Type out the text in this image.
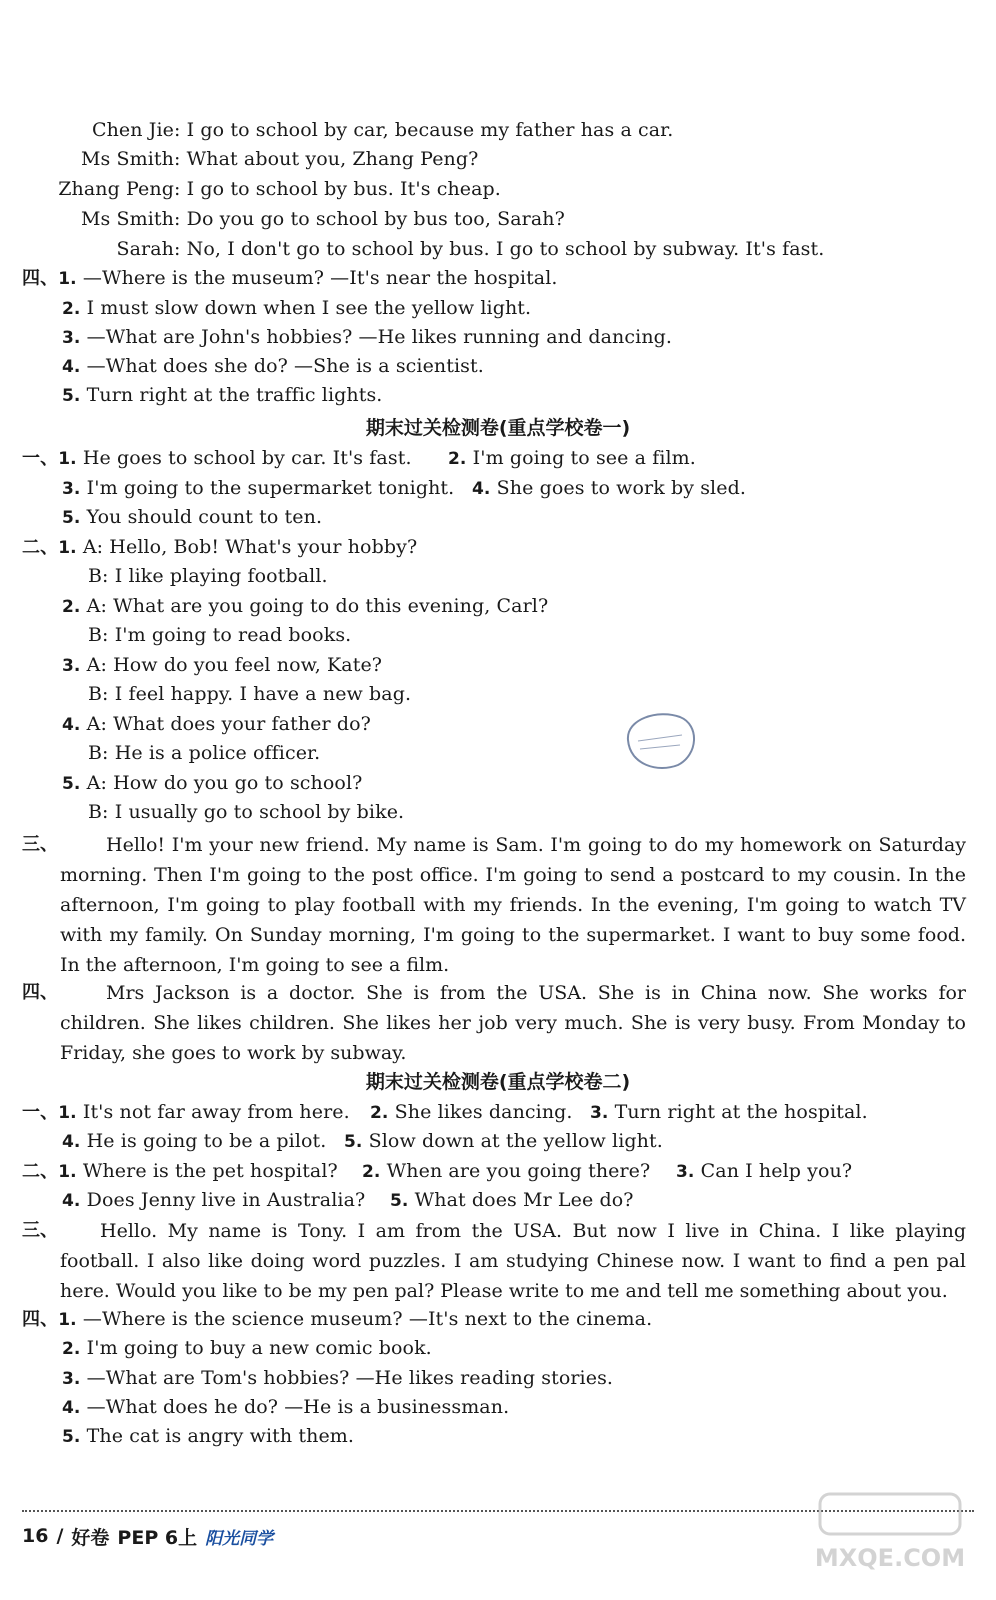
Chen Jie: I go to school by car, because my father has a car.
Ms Smith: What about you, Zhang Peng?
Zhang Peng: I go to school by bus. It's cheap.
Ms Smith: Do you go to school by bus too, Sarah?
Sarah: No, I don't go to school by bus. I go to school by subway. It's fast.
四、1. —Where is the museum? —It's near the hospital.
2. I must slow down when I see the yellow light.
3. —What are John's hobbies? —He likes running and dancing.
4. —What does she do? —She is a scientist.
5. Turn right at the traffic lights.
期末过关检测卷(重点学校卷一)
一、1. He goes to school by car. It's fast. 2. I'm going to see a film.
3. I'm going to the supermarket tonight. 4. She goes to work by sled.
5. You should count to ten.
二、1. A: Hello, Bob! What's your hobby?
B: I like playing football.
2. A: What are you going to do this evening, Carl?
B: I'm going to read books.
3. A: How do you feel now, Kate?
B: I feel happy. I have a new bag.
4. A: What does your father do?
B: He is a police officer.
5. A: How do you go to school?
B: I usually go to school by bike.
三、	Hello! I'm your new friend. My name is Sam. I'm going to do my homework on Saturday morning. Then I'm going to the post office. I'm going to send a postcard to my cousin. In the afternoon, I'm going to play football with my friends. In the evening, I'm going to watch TV with my family. On Sunday morning, I'm going to the supermarket. I want to buy some food. In the afternoon, I'm going to see a film.
四、	Mrs Jackson is a doctor. She is from the USA. She is in China now. She works for children. She likes children. She likes her job very much. She is very busy. From Monday to Friday, she goes to work by subway.
期末过关检测卷(重点学校卷二)
一、1. It's not far away from here. 2. She likes dancing. 3. Turn right at the hospital.
4. He is going to be a pilot. 5. Slow down at the yellow light.
二、1. Where is the pet hospital? 2. When are you going there? 3. Can I help you?
4. Does Jenny live in Australia? 5. What does Mr Lee do?
三、 Hello. My name is Tony. I am from the USA. But now I live in China. I like playing football. I also like doing word puzzles. I am studying Chinese now. I want to find a pen pal here. Would you like to be my pen pal? Please write to me and tell me something about you.
四、1. —Where is the science museum? —It's next to the cinema.
2. I'm going to buy a new comic book.
3. —What are Tom's hobbies? —He likes reading stories.
4. —What does he do? —He is a businessman.
5. The cat is angry with them.
16 / 好卷 PEP 6上 阳光同学
MXQE.COM
